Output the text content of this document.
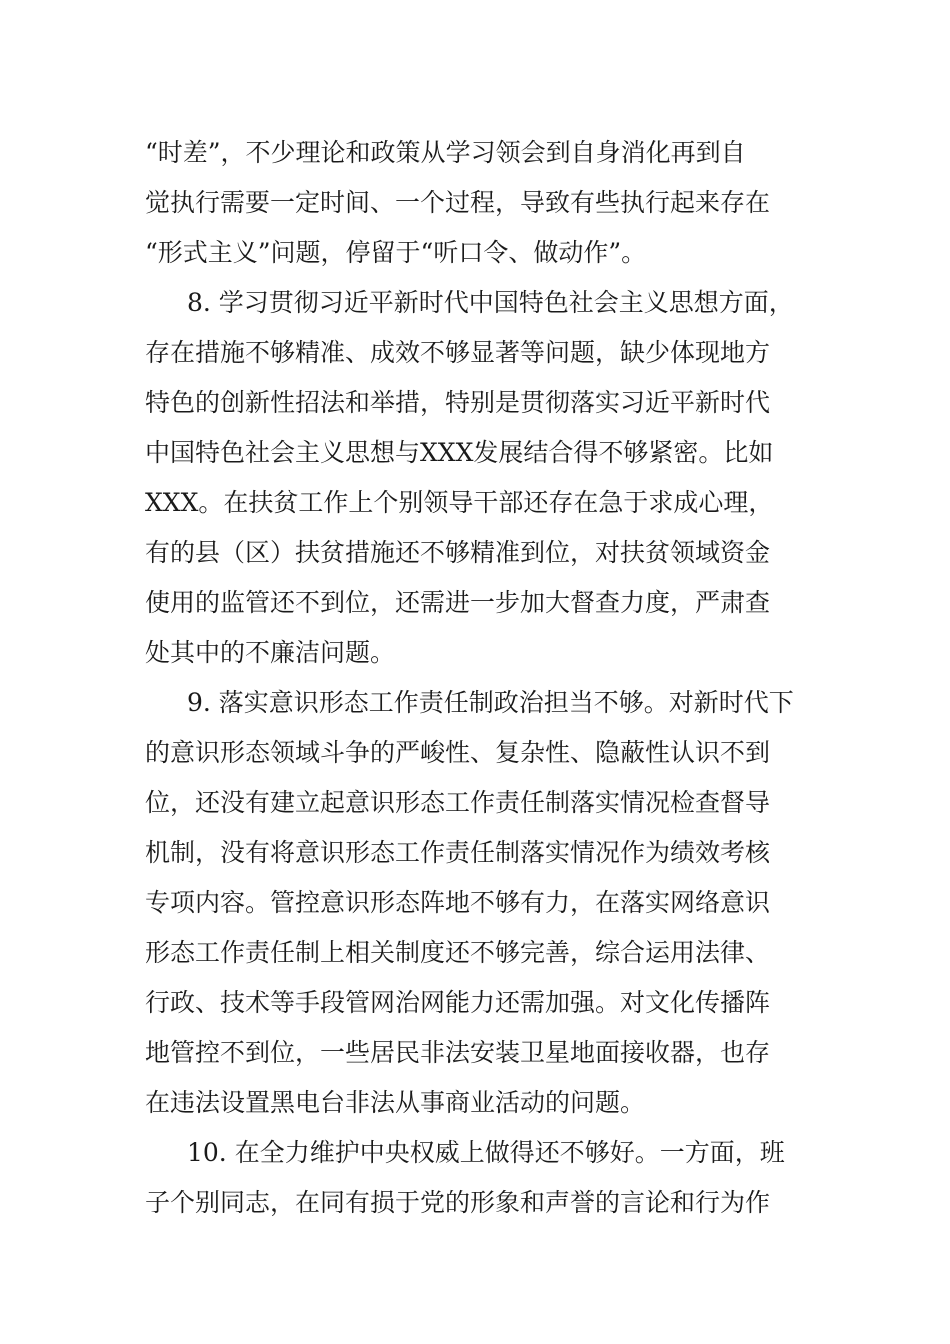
“时差”，不少理论和政策从学习领会到自身消化再到自
觉执行需要一定时间、一个过程，导致有些执行起来存在
“形式主义”问题，停留于“听口令、做动作”。
8. 学习贯彻习近平新时代中国特色社会主义思想方面，
存在措施不够精准、成效不够显著等问题，缺少体现地方
特色的创新性招法和举措，特别是贯彻落实习近平新时代
中国特色社会主义思想与XXX发展结合得不够紧密。比如
XXX。在扶贫工作上个别领导干部还存在急于求成心理，
有的县（区）扶贫措施还不够精准到位，对扶贫领域资金
使用的监管还不到位，还需进一步加大督查力度，严肃查
处其中的不廉洁问题。
9. 落实意识形态工作责任制政治担当不够。对新时代下
的意识形态领域斗争的严峻性、复杂性、隐蔽性认识不到
位，还没有建立起意识形态工作责任制落实情况检查督导
机制，没有将意识形态工作责任制落实情况作为绩效考核
专项内容。管控意识形态阵地不够有力，在落实网络意识
形态工作责任制上相关制度还不够完善，综合运用法律、
行政、技术等手段管网治网能力还需加强。对文化传播阵
地管控不到位，一些居民非法安装卫星地面接收器，也存
在违法设置黑电台非法从事商业活动的问题。
10. 在全力维护中央权威上做得还不够好。一方面，班
子个别同志，在同有损于党的形象和声誉的言论和行为作
